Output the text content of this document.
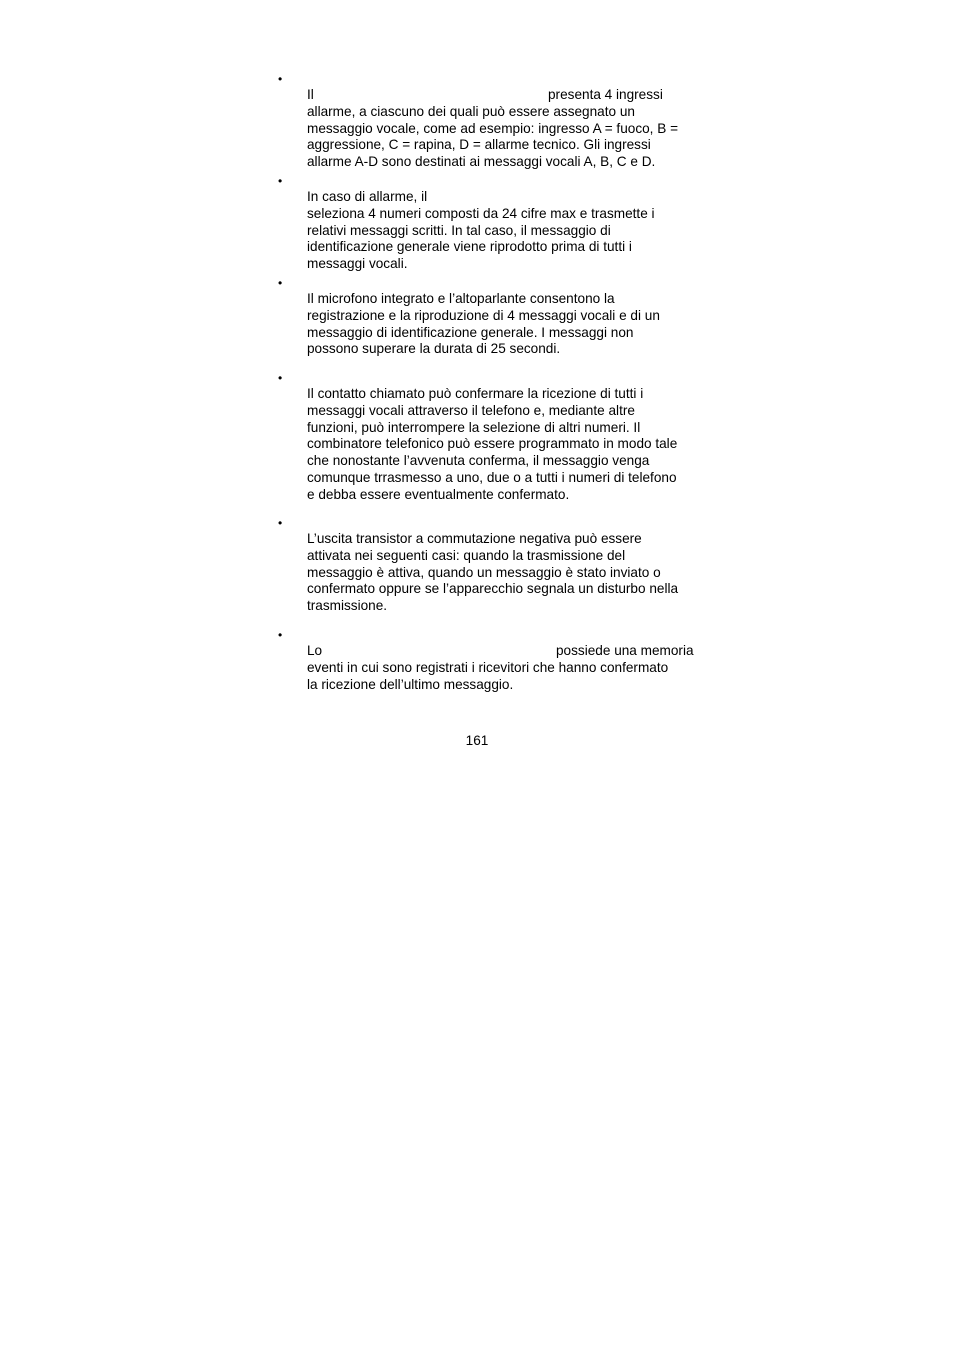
•
Il	presenta 4 ingressi
allarme, a ciascuno dei quali può essere assegnato un
messaggio vocale, come ad esempio: ingresso A = fuoco, B =
aggressione, C = rapina, D = allarme tecnico. Gli ingressi
allarme A-D sono destinati ai messaggi vocali A, B, C e D.
•
In caso di allarme, il
seleziona 4 numeri composti da 24 cifre max e trasmette i
relativi messaggi scritti. In tal caso, il messaggio di
identificazione generale viene riprodotto prima di tutti i
messaggi vocali.
•
Il microfono integrato e l’altoparlante consentono la
registrazione e la riproduzione di 4 messaggi vocali e di un
messaggio di identificazione generale. I messaggi non
possono superare la durata di 25 secondi.
•
Il contatto chiamato può confermare la ricezione di tutti i
messaggi vocali attraverso il telefono e, mediante altre
funzioni, può interrompere la selezione di altri numeri. Il
combinatore telefonico può essere programmato in modo tale
che nonostante l’avvenuta conferma, il messaggio venga
comunque trrasmesso a uno, due o a tutti i numeri di telefono
e debba essere eventualmente confermato.
•
L’uscita transistor a commutazione negativa può essere
attivata nei seguenti casi: quando la trasmissione del
messaggio è attiva, quando un messaggio è stato inviato o
confermato oppure se l’apparecchio segnala un disturbo nella
trasmissione.
•
Lo	possiede una memoria
eventi in cui sono registrati i ricevitori che hanno confermato
la ricezione dell’ultimo messaggio.
161
